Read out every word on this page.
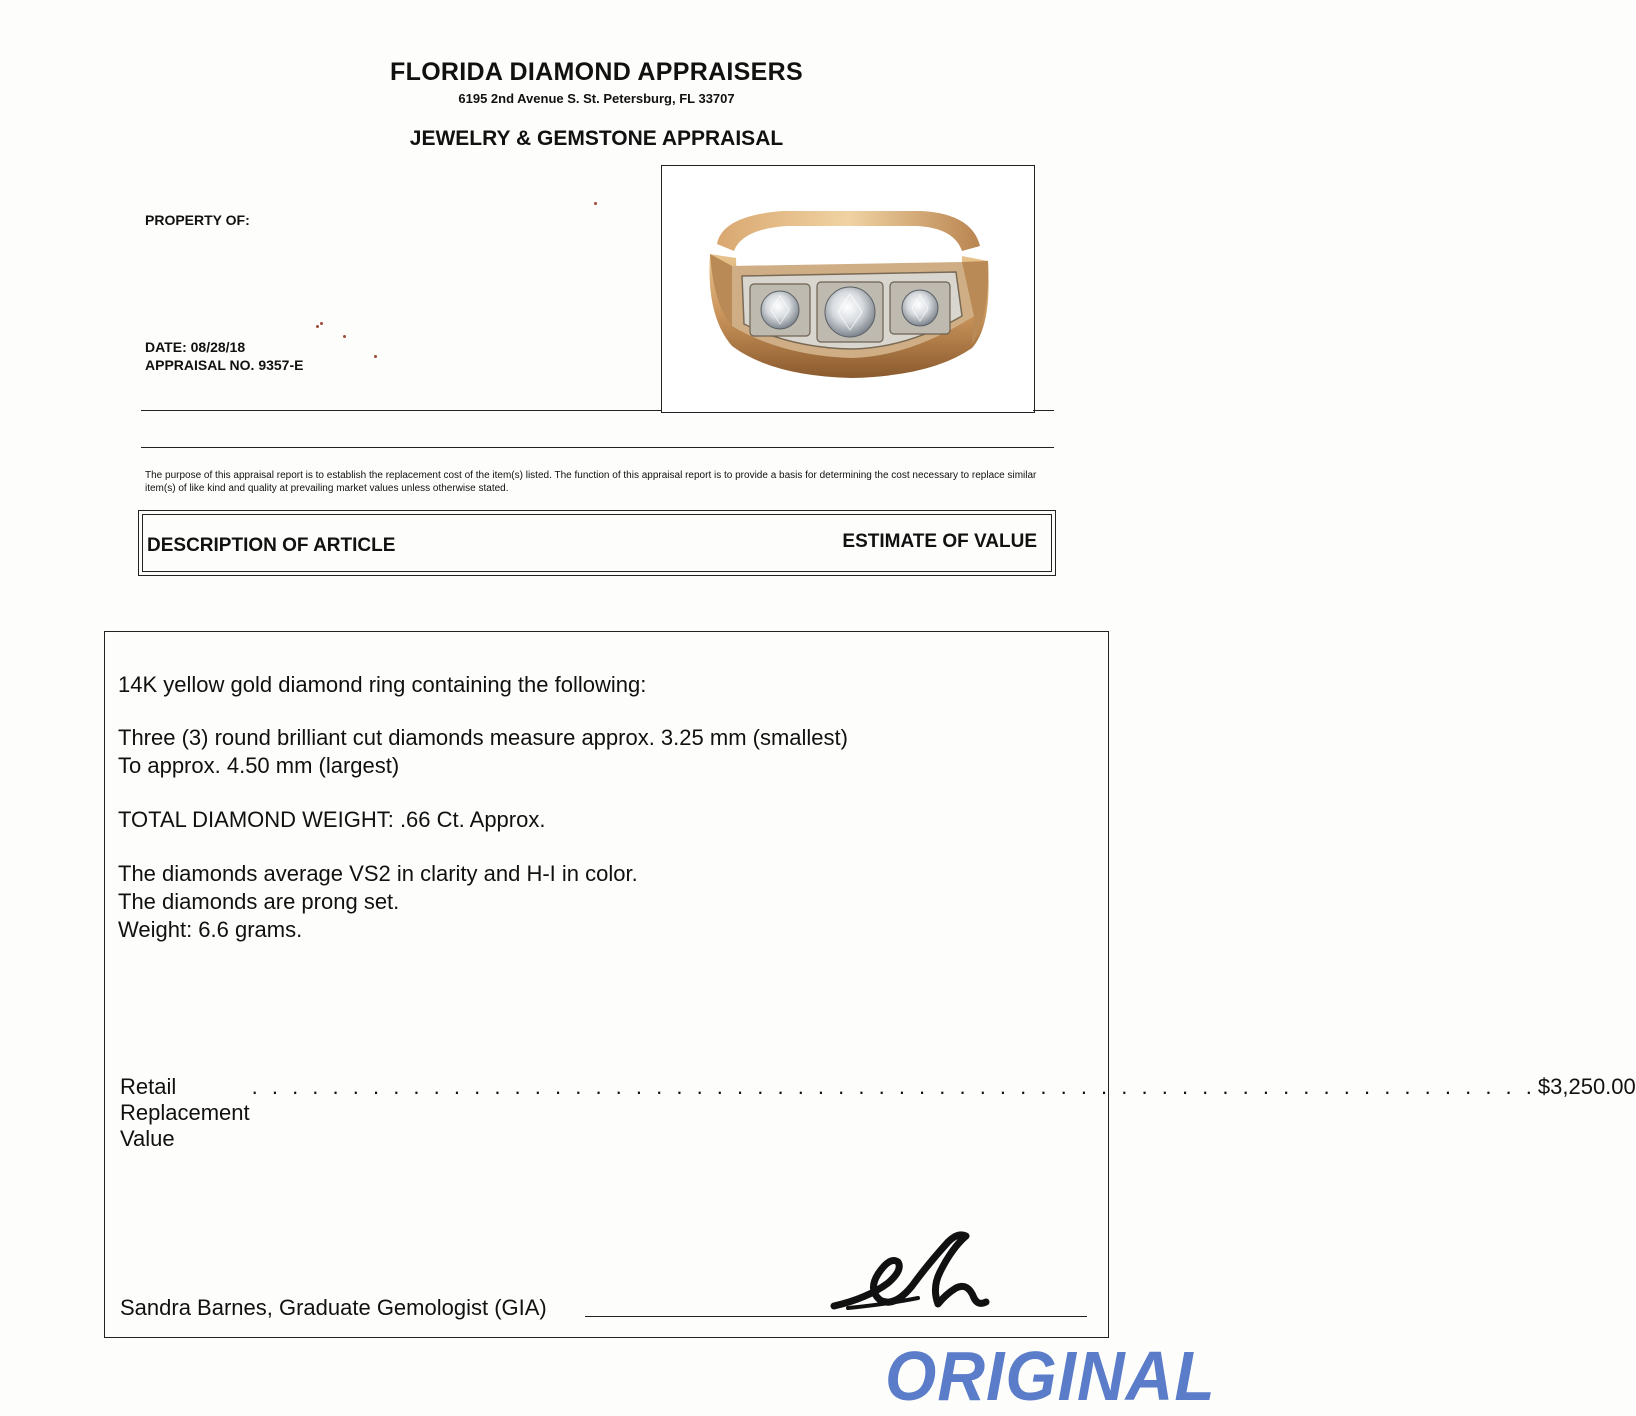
FLORIDA DIAMOND APPRAISERS
6195 2nd Avenue S. St. Petersburg, FL 33707
JEWELRY & GEMSTONE APPRAISAL
PROPERTY OF:
DATE: 08/28/18
APPRAISAL NO. 9357-E
The purpose of this appraisal report is to establish the replacement cost of the item(s) listed. The function of this appraisal report is to provide a basis for determining the cost necessary to replace similar item(s) of like kind and quality at prevailing market values unless otherwise stated.
DESCRIPTION OF ARTICLE	ESTIMATE OF VALUE
14K yellow gold diamond ring containing the following:
Three (3) round brilliant cut diamonds measure approx. 3.25 mm (smallest)
To approx. 4.50 mm (largest)
TOTAL DIAMOND WEIGHT: .66 Ct. Approx.
The diamonds average VS2 in clarity and H-I in color.
The diamonds are prong set.
Weight: 6.6 grams.
Retail Replacement Value
. . . . . . . . . . . . . . . . . . . . . . . . . . . . . . . . . . . . . . . . . . . . . . . . . . . . . . . . . . . . . . . . $3,250.00
Sandra Barnes, Graduate Gemologist (GIA)
ORIGINAL
